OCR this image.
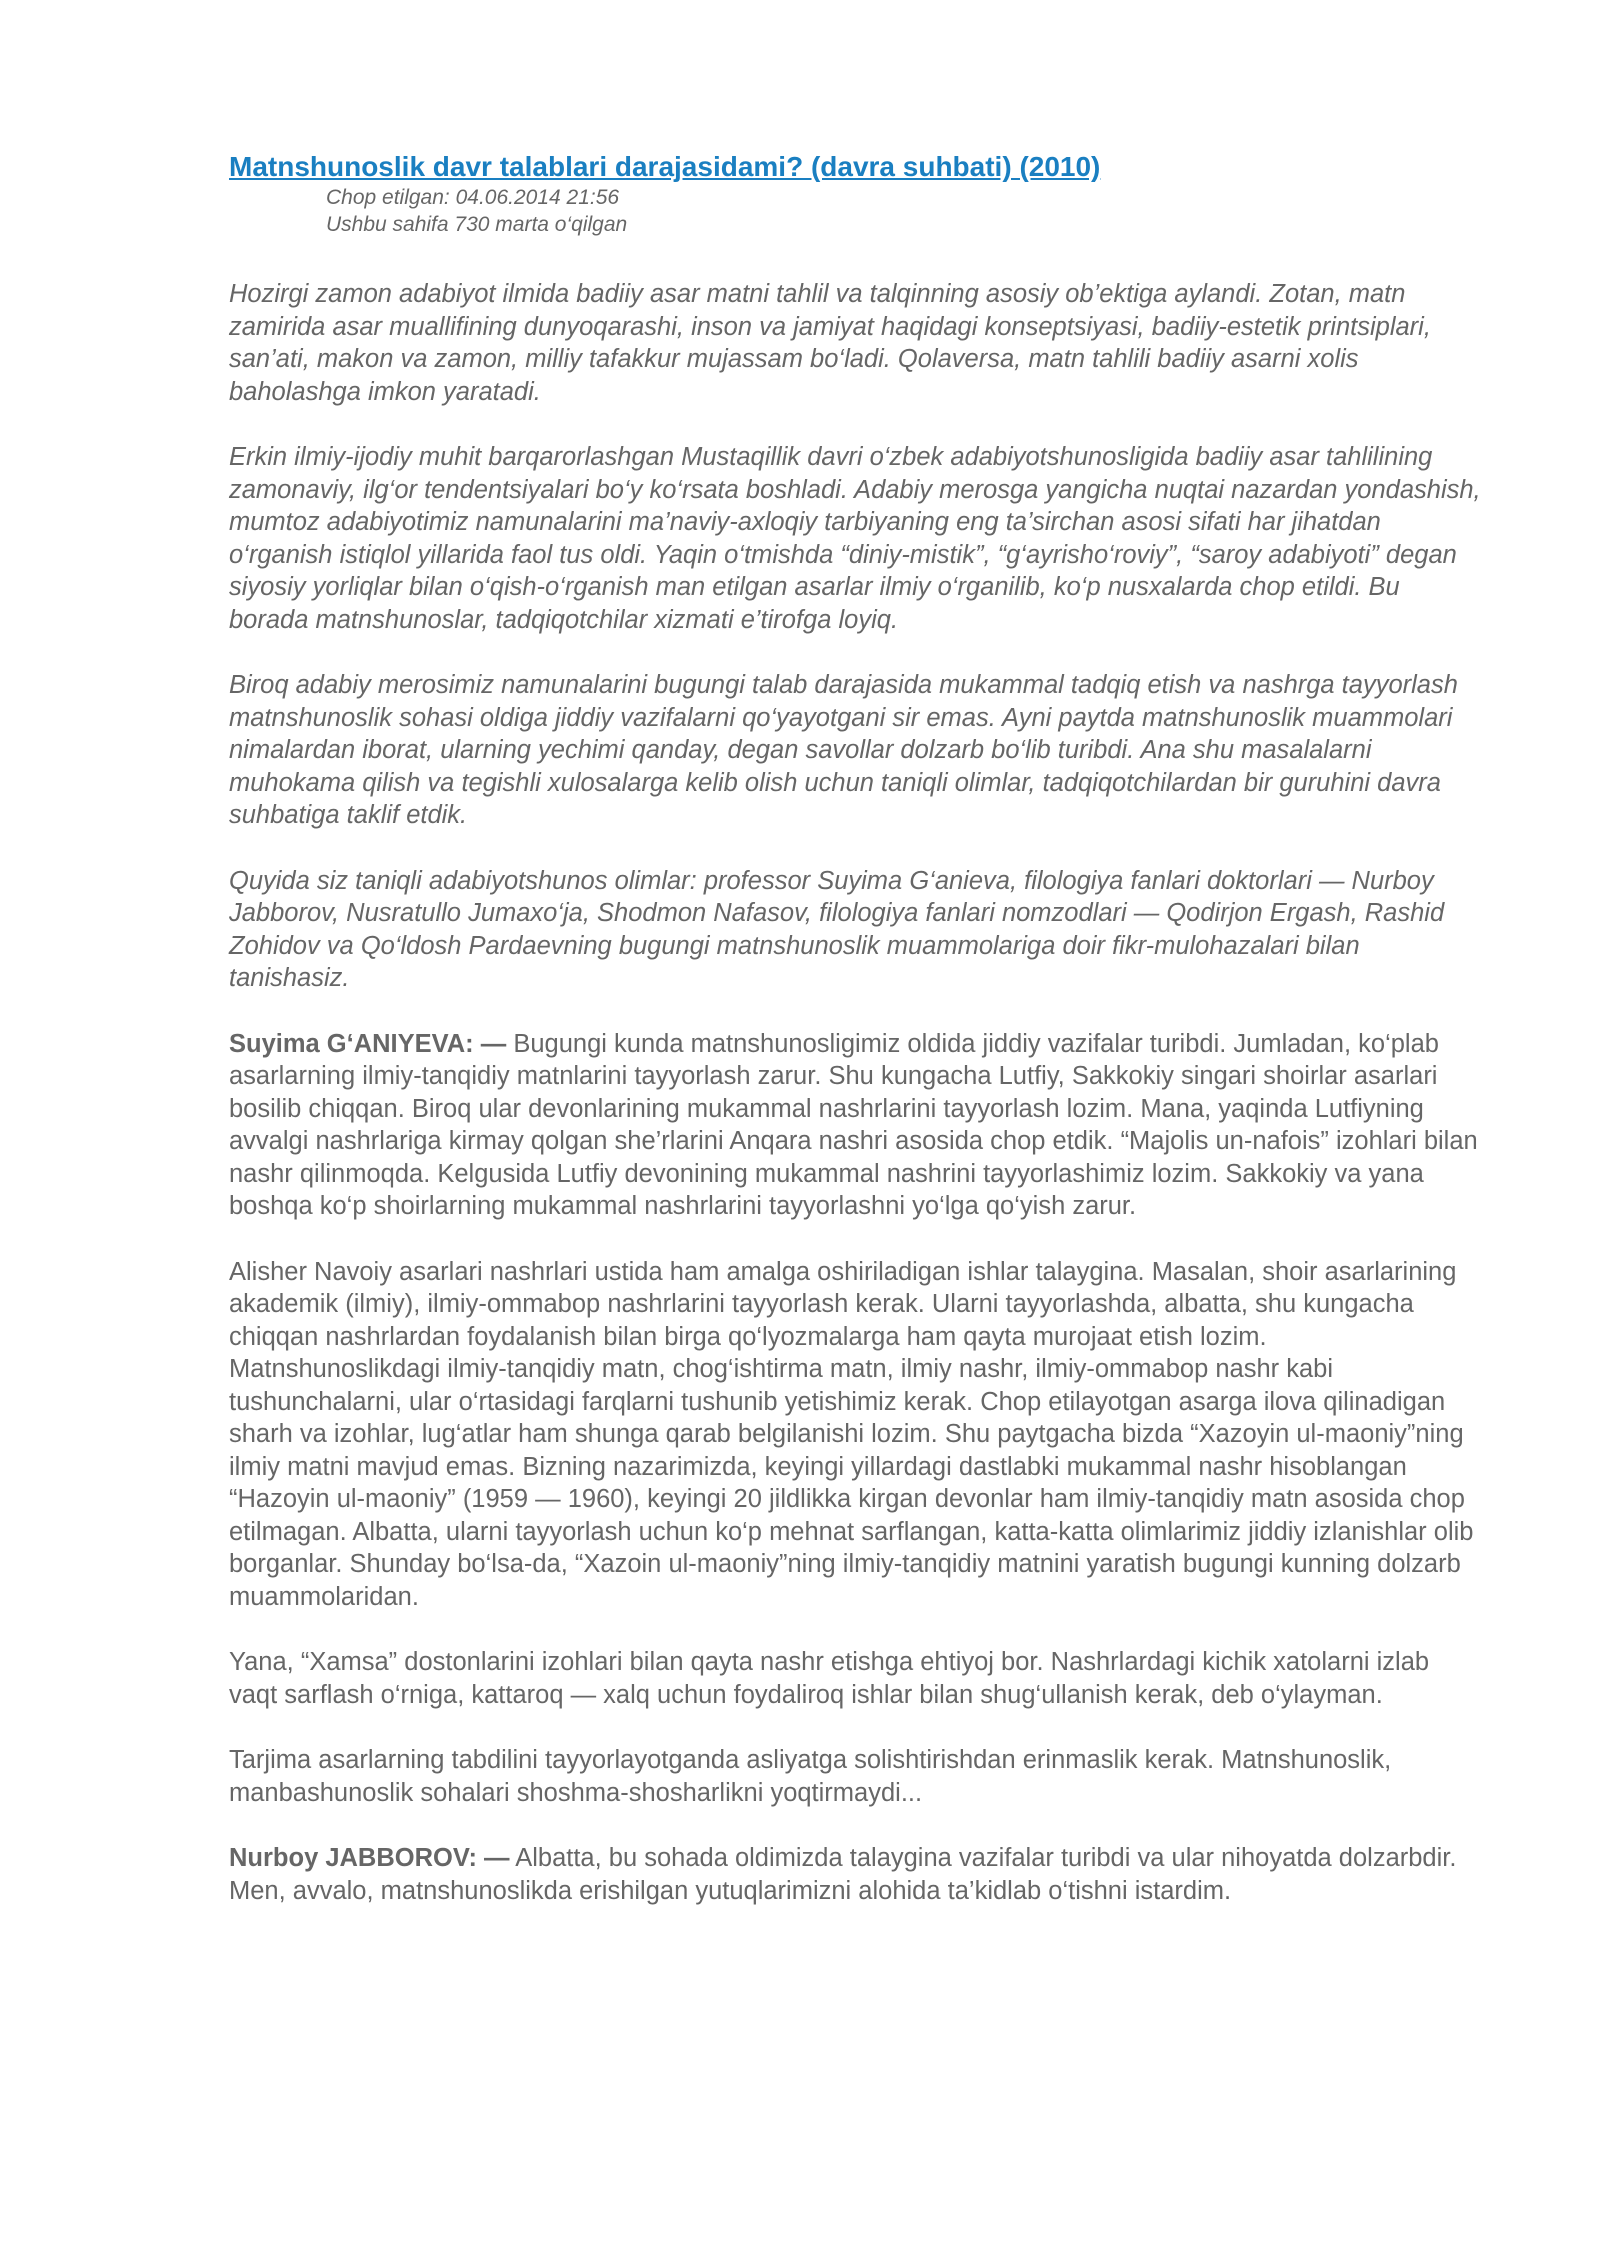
Matnshunoslik davr talablari darajasidami? (davra suhbati) (2010)
Chop etilgan: 04.06.2014 21:56
Ushbu sahifa 730 marta o‘qilgan

Hozirgi zamon adabiyot ilmida badiiy asar matni tahlil va talqinning asosiy ob’ektiga aylandi. Zotan, matn zamirida asar muallifining dunyoqarashi, inson va jamiyat haqidagi konseptsiyasi, badiiy-estetik printsiplari, san’ati, makon va zamon, milliy tafakkur mujassam bo‘ladi. Qolaversa, matn tahlili badiiy asarni xolis baholashga imkon yaratadi.

Erkin ilmiy-ijodiy muhit barqarorlashgan Mustaqillik davri o‘zbek adabiyotshunosligida badiiy asar tahlilining zamonaviy, ilg‘or tendentsiyalari bo‘y ko‘rsata boshladi. Adabiy merosga yangicha nuqtai nazardan yondashish, mumtoz adabiyotimiz namunalarini ma’naviy-axloqiy tarbiyaning eng ta’sirchan asosi sifati har jihatdan o‘rganish istiqlol yillarida faol tus oldi. Yaqin o‘tmishda “diniy-mistik”, “g‘ayrisho‘roviy”, “saroy adabiyoti” degan siyosiy yorliqlar bilan o‘qish-o‘rganish man etilgan asarlar ilmiy o‘rganilib, ko‘p nusxalarda chop etildi. Bu borada matnshunoslar, tadqiqotchilar xizmati e’tirofga loyiq.

Biroq adabiy merosimiz namunalarini bugungi talab darajasida mukammal tadqiq etish va nashrga tayyorlash matnshunoslik sohasi oldiga jiddiy vazifalarni qo‘yayotgani sir emas. Ayni paytda matnshunoslik muammolari nimalardan iborat, ularning yechimi qanday, degan savollar dolzarb bo‘lib turibdi. Ana shu masalalarni muhokama qilish va tegishli xulosalarga kelib olish uchun taniqli olimlar, tadqiqotchilardan bir guruhini davra suhbatiga taklif etdik.

Quyida siz taniqli adabiyotshunos olimlar: professor Suyima G‘anieva, filologiya fanlari doktorlari — Nurboy Jabborov, Nusratullo Jumaxo‘ja, Shodmon Nafasov, filologiya fanlari nomzodlari — Qodirjon Ergash, Rashid Zohidov va Qo‘ldosh Pardaevning bugungi matnshunoslik muammolariga doir fikr-mulohazalari bilan tanishasiz.

Suyima G‘ANIYEVA: — Bugungi kunda matnshunosligimiz oldida jiddiy vazifalar turibdi. Jumladan, ko‘plab asarlarning ilmiy-tanqidiy matnlarini tayyorlash zarur. Shu kungacha Lutfiy, Sakkokiy singari shoirlar asarlari bosilib chiqqan. Biroq ular devonlarining mukammal nashrlarini tayyorlash lozim. Mana, yaqinda Lutfiyning avvalgi nashrlariga kirmay qolgan she’rlarini Anqara nashri asosida chop etdik. “Majolis un-nafois” izohlari bilan nashr qilinmoqda. Kelgusida Lutfiy devonining mukammal nashrini tayyorlashimiz lozim. Sakkokiy va yana boshqa ko‘p shoirlarning mukammal nashrlarini tayyorlashni yo‘lga qo‘yish zarur.

Alisher Navoiy asarlari nashrlari ustida ham amalga oshiriladigan ishlar talaygina. Masalan, shoir asarlarining akademik (ilmiy), ilmiy-ommabop nashrlarini tayyorlash kerak. Ularni tayyorlashda, albatta, shu kungacha chiqqan nashrlardan foydalanish bilan birga qo‘lyozmalarga ham qayta murojaat etish lozim. Matnshunoslikdagi ilmiy-tanqidiy matn, chog‘ishtirma matn, ilmiy nashr, ilmiy-ommabop nashr kabi tushunchalarni, ular o‘rtasidagi farqlarni tushunib yetishimiz kerak. Chop etilayotgan asarga ilova qilinadigan sharh va izohlar, lug‘atlar ham shunga qarab belgilanishi lozim. Shu paytgacha bizda “Xazoyin ul-maoniy”ning ilmiy matni mavjud emas. Bizning nazarimizda, keyingi yillardagi dastlabki mukammal nashr hisoblangan “Hazoyin ul-maoniy” (1959 — 1960), keyingi 20 jildlikka kirgan devonlar ham ilmiy-tanqidiy matn asosida chop etilmagan. Albatta, ularni tayyorlash uchun ko‘p mehnat sarflangan, katta-katta olimlarimiz jiddiy izlanishlar olib borganlar. Shunday bo‘lsa-da, “Xazoin ul-maoniy”ning ilmiy-tanqidiy matnini yaratish bugungi kunning dolzarb muammolaridan.

Yana, “Xamsa” dostonlarini izohlari bilan qayta nashr etishga ehtiyoj bor. Nashrlardagi kichik xatolarni izlab vaqt sarflash o‘rniga, kattaroq — xalq uchun foydaliroq ishlar bilan shug‘ullanish kerak, deb o‘ylayman.

Tarjima asarlarning tabdilini tayyorlayotganda asliyatga solishtirishdan erinmaslik kerak. Matnshunoslik, manbashunoslik sohalari shoshma-shosharlikni yoqtirmaydi...

Nurboy JABBOROV: — Albatta, bu sohada oldimizda talaygina vazifalar turibdi va ular nihoyatda dolzarbdir. Men, avvalo, matnshunoslikda erishilgan yutuqlarimizni alohida ta’kidlab o‘tishni istardim.
